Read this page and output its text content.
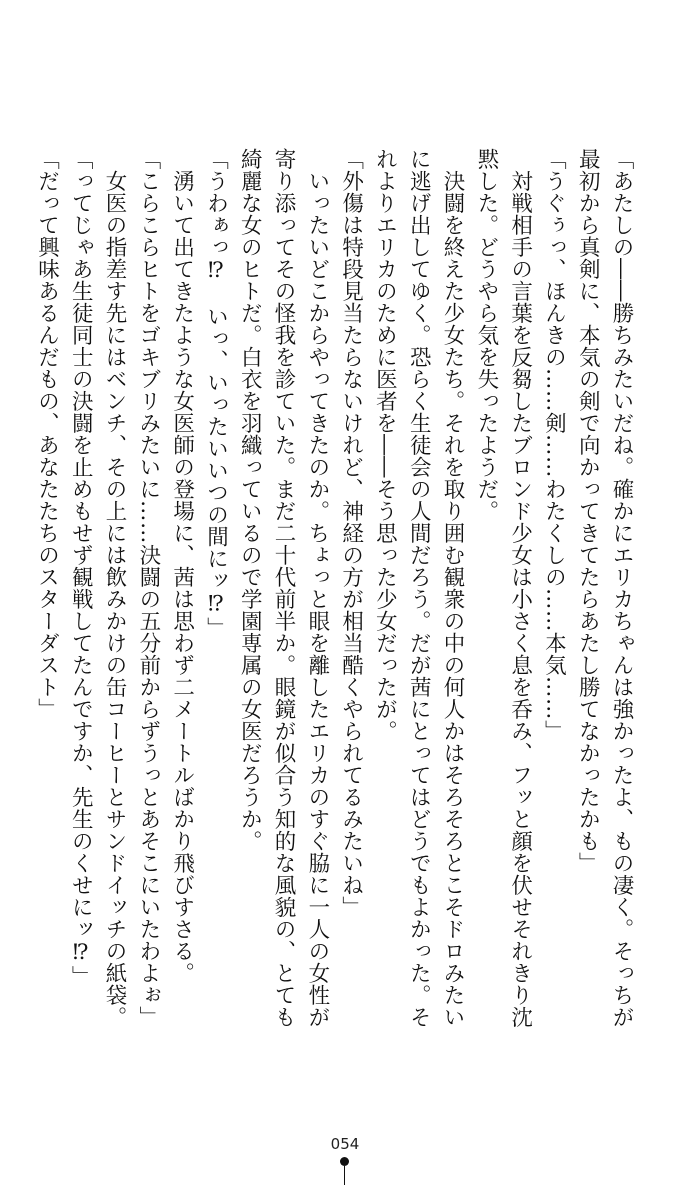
「あたしの――勝ちみたいだね。確かにエリカちゃんは強かったよ、もの凄く。そっちが
最初から真剣に、本気の剣で向かってきてたらあたし勝てなかったかも」
「うぐぅっ、ほんきの……剣……わたくしの……本気……」
　対戦相手の言葉を反芻したブロンド少女は小さく息を呑み、フッと顔を伏せそれきり沈
黙した。どうやら気を失ったようだ。
　決闘を終えた少女たち。それを取り囲む観衆の中の何人かはそろそろとこそドロみたい
に逃げ出してゆく。恐らく生徒会の人間だろう。だが茜にとってはどうでもよかった。そ
れよりエリカのために医者を――そう思った少女だったが。
「外傷は特段見当たらないけれど、神経の方が相当酷くやられてるみたいね」
　いったいどこからやってきたのか。ちょっと眼を離したエリカのすぐ脇に一人の女性が
寄り添ってその怪我を診ていた。まだ二十代前半か。眼鏡が似合う知的な風貌の、とても
綺麗な女のヒトだ。白衣を羽織っているので学園専属の女医だろうか。
「うわぁっ⁉　いっ、いったいいつの間にッ⁉」
　湧いて出てきたような女医師の登場に、茜は思わず二メートルばかり飛びすさる。
「こらこらヒトをゴキブリみたいに……決闘の五分前からずうっとあそこにいたわよぉ」
　女医の指差す先にはベンチ、その上には飲みかけの缶コーヒーとサンドイッチの紙袋。
「ってじゃあ生徒同士の決闘を止めもせず観戦してたんですか、先生のくせにッ⁉」
「だって興味あるんだもの、あなたたちのスターダスト」
054
